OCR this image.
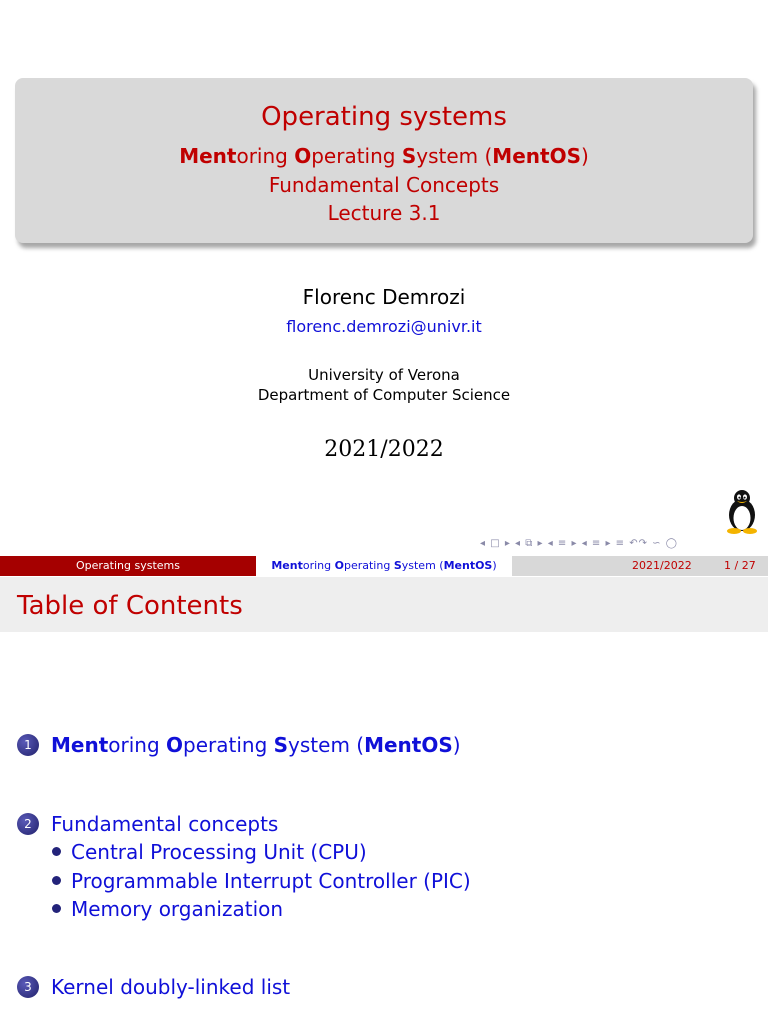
Operating systems
Mentoring Operating System (MentOS)
Fundamental Concepts
Lecture 3.1
Florenc Demrozi
florenc.demrozi@univr.it
University of Verona
Department of Computer Science
2021/2022
◂ □ ▸ ◂ ⧉ ▸ ◂ ≡ ▸ ◂ ≡ ▸ ≡ ↶↷ ∽ ◯
Operating systems	Mentoring Operating System (MentOS)	2021/2022	1 / 27
Table of Contents
1 Mentoring Operating System (MentOS)
2 Fundamental concepts
Central Processing Unit (CPU)
Programmable Interrupt Controller (PIC)
Memory organization
3 Kernel doubly-linked list
